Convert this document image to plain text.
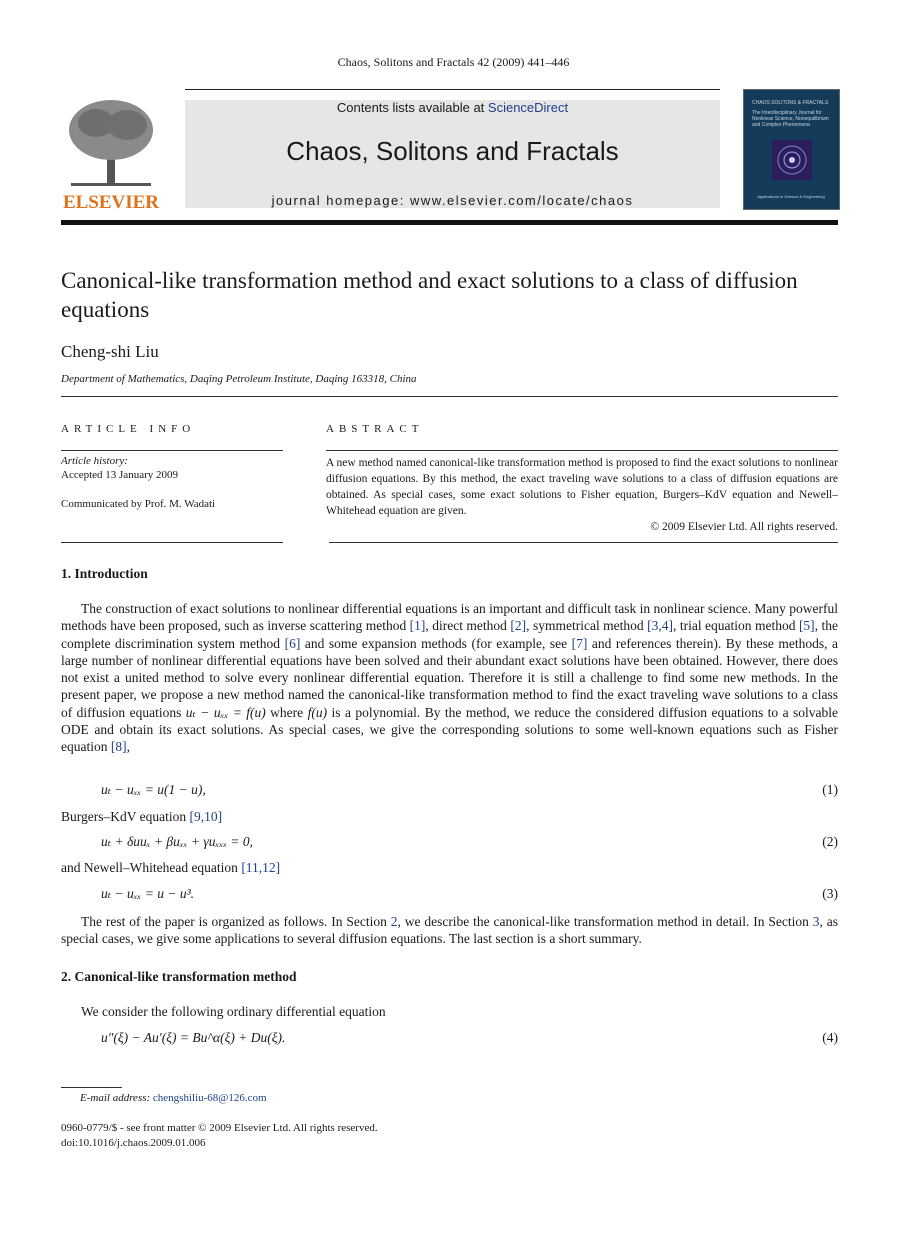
Chaos, Solitons and Fractals 42 (2009) 441–446
ELSEVIER
Contents lists available at ScienceDirect
Chaos, Solitons and Fractals
journal homepage: www.elsevier.com/locate/chaos
CHAOS SOLITONS & FRACTALS
The Interdisciplinary Journal for Nonlinear Science, Nonequilibrium and Complex Phenomena
Applications in Science & Engineering
Canonical-like transformation method and exact solutions to a class of diffusion equations
Cheng-shi Liu
Department of Mathematics, Daqing Petroleum Institute, Daqing 163318, China
ARTICLE INFO
Article history:
Accepted 13 January 2009
Communicated by Prof. M. Wadati
ABSTRACT
A new method named canonical-like transformation method is proposed to find the exact solutions to nonlinear diffusion equations. By this method, the exact traveling wave solutions to a class of diffusion equations are obtained. As special cases, some exact solutions to Fisher equation, Burgers–KdV equation and Newell–Whitehead equation are given.
© 2009 Elsevier Ltd. All rights reserved.
1. Introduction
The construction of exact solutions to nonlinear differential equations is an important and difficult task in nonlinear science. Many powerful methods have been proposed, such as inverse scattering method [1], direct method [2], symmetrical method [3,4], trial equation method [5], the complete discrimination system method [6] and some expansion methods (for example, see [7] and references therein). By these methods, a large number of nonlinear differential equations have been solved and their abundant exact solutions have been obtained. However, there does not exist a united method to solve every nonlinear differential equation. Therefore it is still a challenge to find some new methods. In the present paper, we propose a new method named the canonical-like transformation method to find the exact traveling wave solutions to a class of diffusion equations uₜ − uₓₓ = f(u) where f(u) is a polynomial. By the method, we reduce the considered diffusion equations to a solvable ODE and obtain its exact solutions. As special cases, we give the corresponding solutions to some well-known equations such as Fisher equation [8],
uₜ − uₓₓ = u(1 − u),	(1)
Burgers–KdV equation [9,10]
uₜ + δuuₓ + βuₓₓ + γuₓₓₓ = 0,	(2)
and Newell–Whitehead equation [11,12]
uₜ − uₓₓ = u − u³.	(3)
The rest of the paper is organized as follows. In Section 2, we describe the canonical-like transformation method in detail. In Section 3, as special cases, we give some applications to several diffusion equations. The last section is a short summary.
2. Canonical-like transformation method
We consider the following ordinary differential equation
u″(ξ) − Au′(ξ) = Bu^α(ξ) + Du(ξ).	(4)
E-mail address: chengshiliu-68@126.com
0960-0779/$ - see front matter © 2009 Elsevier Ltd. All rights reserved.
doi:10.1016/j.chaos.2009.01.006
